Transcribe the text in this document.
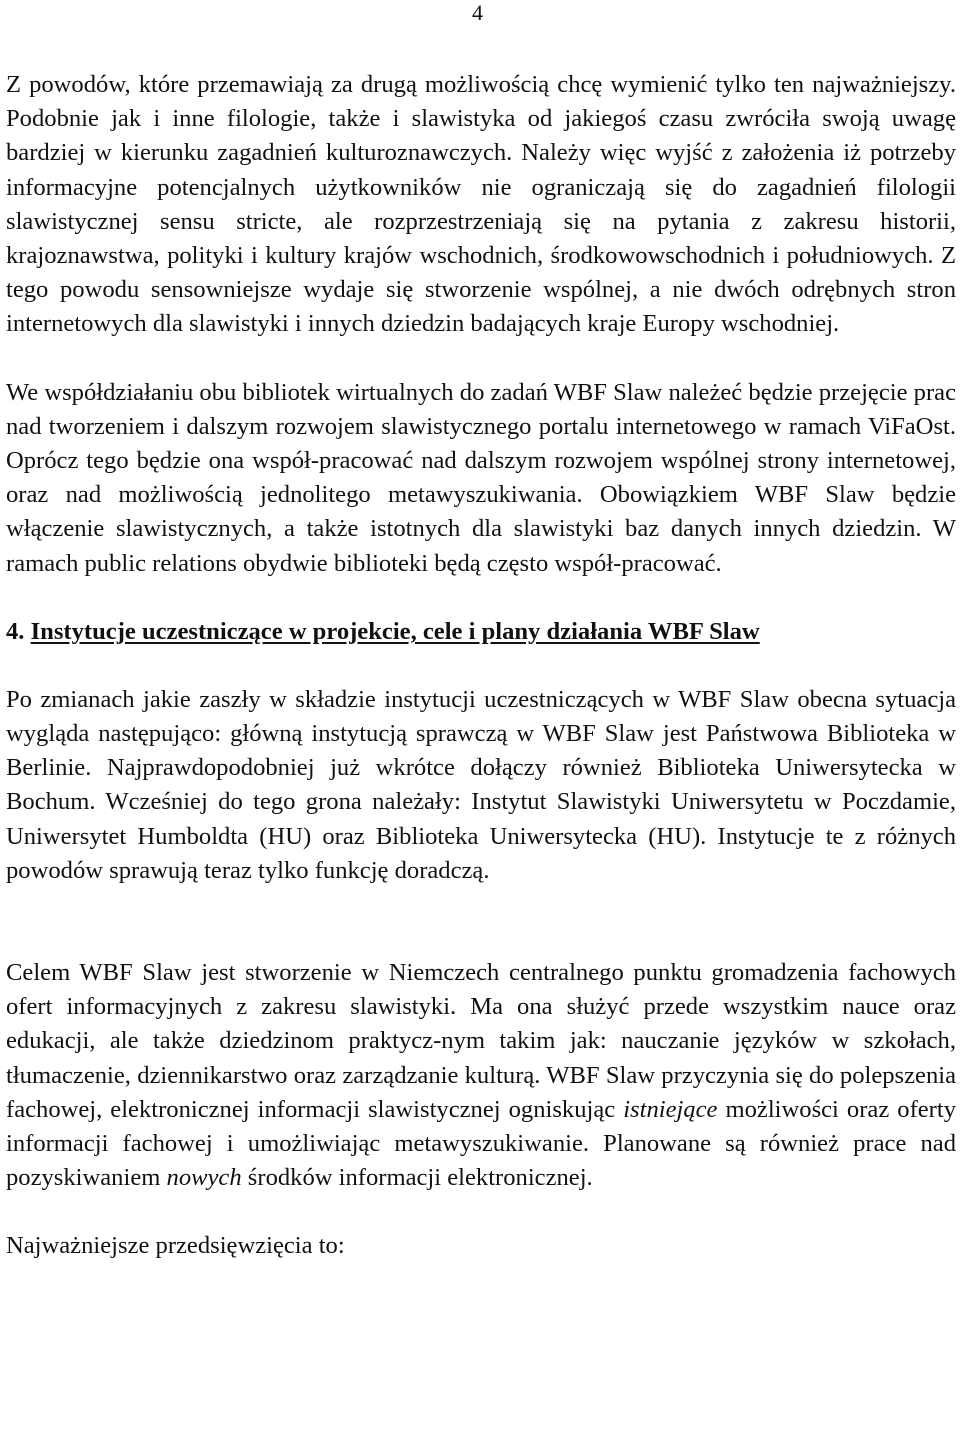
4

Z powodów, które przemawiają za drugą możliwością chcę wymienić tylko ten najważniejszy. Podobnie jak i inne filologie, także i slawistyka od jakiegoś czasu zwróciła swoją uwagę bardziej w kierunku zagadnień kulturoznawczych. Należy więc wyjść z założenia iż potrzeby informacyjne potencjalnych użytkowników nie ograniczają się do zagadnień filologii slawistycznej sensu stricte, ale rozprzestrzeniają się na pytania z zakresu historii, krajoznawstwa, polityki i kultury krajów wschodnich, środkowowschodnich i południowych. Z tego powodu sensowniejsze wydaje się stworzenie wspólnej, a nie dwóch odrębnych stron internetowych dla slawistyki i innych dziedzin badających kraje Europy wschodniej.

We współdziałaniu obu bibliotek wirtualnych do zadań WBF Slaw należeć będzie przejęcie prac nad tworzeniem i dalszym rozwojem slawistycznego portalu internetowego w ramach ViFaOst. Oprócz tego będzie ona współ-pracować nad dalszym rozwojem wspólnej strony internetowej, oraz nad możliwością jednolitego metawyszukiwania. Obowiązkiem WBF Slaw będzie włączenie slawistycznych, a także istotnych dla slawistyki baz danych innych dziedzin. W ramach public relations obydwie biblioteki będą często współ-pracować.

4. Instytucje uczestniczące w projekcie, cele i plany działania WBF Slaw

Po zmianach jakie zaszły w składzie instytucji uczestniczących w WBF Slaw obecna sytuacja wygląda następująco: główną instytucją sprawczą w WBF Slaw jest Państwowa Biblioteka w Berlinie. Najprawdopodobniej już wkrótce dołączy również Biblioteka Uniwersytecka w Bochum. Wcześniej do tego grona należały: Instytut Slawistyki Uniwersytetu w Poczdamie, Uniwersytet Humboldta (HU) oraz Biblioteka Uniwersytecka (HU). Instytucje te z różnych powodów sprawują teraz tylko funkcję doradczą.

Celem WBF Slaw jest stworzenie w Niemczech centralnego punktu gromadzenia fachowych ofert informacyjnych z zakresu slawistyki. Ma ona służyć przede wszystkim nauce oraz edukacji, ale także dziedzinom praktycz-nym takim jak: nauczanie języków w szkołach, tłumaczenie, dziennikarstwo oraz zarządzanie kulturą. WBF Slaw przyczynia się do polepszenia fachowej, elektronicznej informacji slawistycznej ogniskując istniejące możliwości oraz oferty informacji fachowej i umożliwiając metawyszukiwanie. Planowane są również prace nad pozyskiwaniem nowych środków informacji elektronicznej.

Najważniejsze przedsięwzięcia to:
